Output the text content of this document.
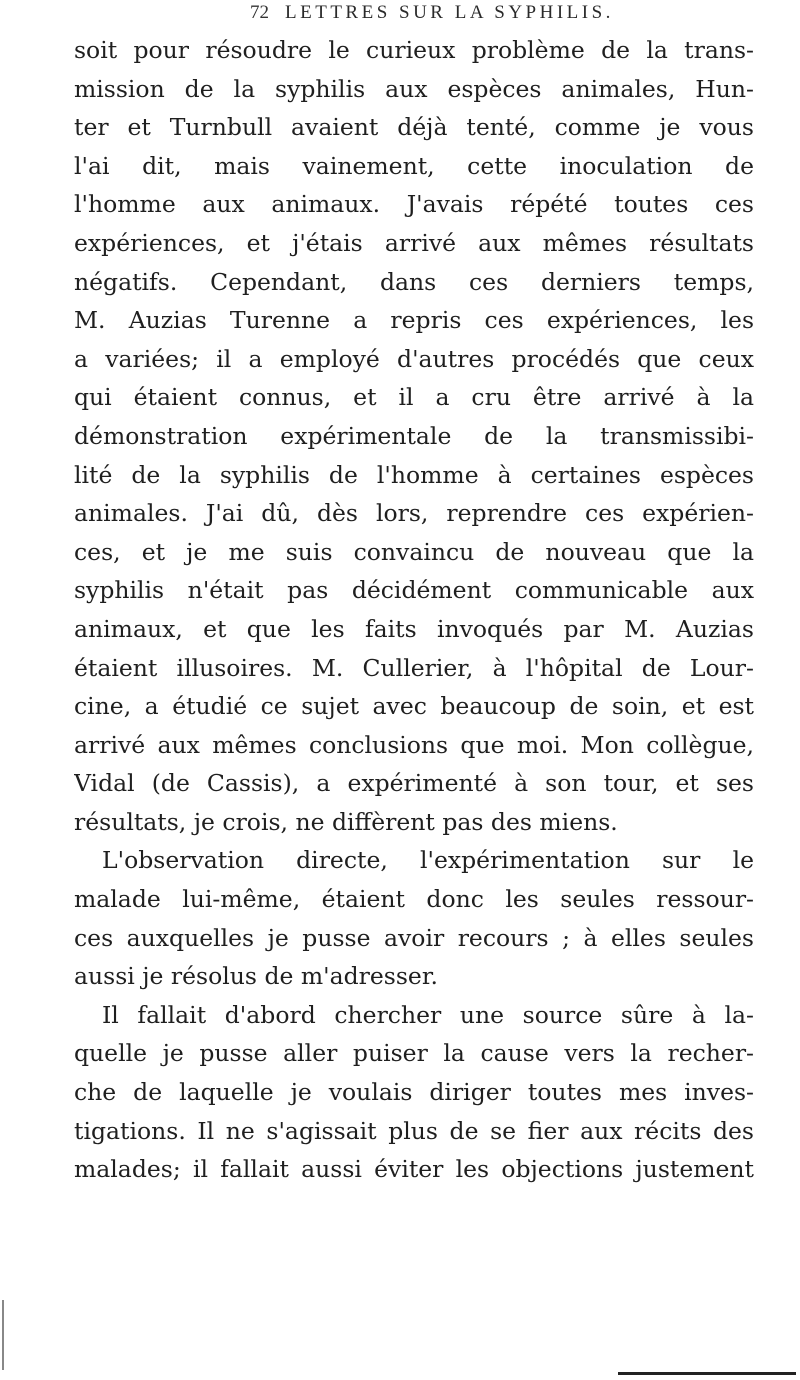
72 LETTRES SUR LA SYPHILIS.
soit pour résoudre le curieux problème de la trans-
mission de la syphilis aux espèces animales, Hun-
ter et Turnbull avaient déjà tenté, comme je vous
l'ai dit, mais vainement, cette inoculation de
l'homme aux animaux. J'avais répété toutes ces
expériences, et j'étais arrivé aux mêmes résultats
négatifs. Cependant, dans ces derniers temps,
M. Auzias Turenne a repris ces expériences, les
a variées; il a employé d'autres procédés que ceux
qui étaient connus, et il a cru être arrivé à la
démonstration expérimentale de la transmissibi-
lité de la syphilis de l'homme à certaines espèces
animales. J'ai dû, dès lors, reprendre ces expérien-
ces, et je me suis convaincu de nouveau que la
syphilis n'était pas décidément communicable aux
animaux, et que les faits invoqués par M. Auzias
étaient illusoires. M. Cullerier, à l'hôpital de Lour-
cine, a étudié ce sujet avec beaucoup de soin, et est
arrivé aux mêmes conclusions que moi. Mon collègue,
Vidal (de Cassis), a expérimenté à son tour, et ses
résultats, je crois, ne diffèrent pas des miens.
L'observation directe, l'expérimentation sur le
malade lui-même, étaient donc les seules ressour-
ces auxquelles je pusse avoir recours ; à elles seules
aussi je résolus de m'adresser.
Il fallait d'abord chercher une source sûre à la-
quelle je pusse aller puiser la cause vers la recher-
che de laquelle je voulais diriger toutes mes inves-
tigations. Il ne s'agissait plus de se fier aux récits des
malades; il fallait aussi éviter les objections justement
